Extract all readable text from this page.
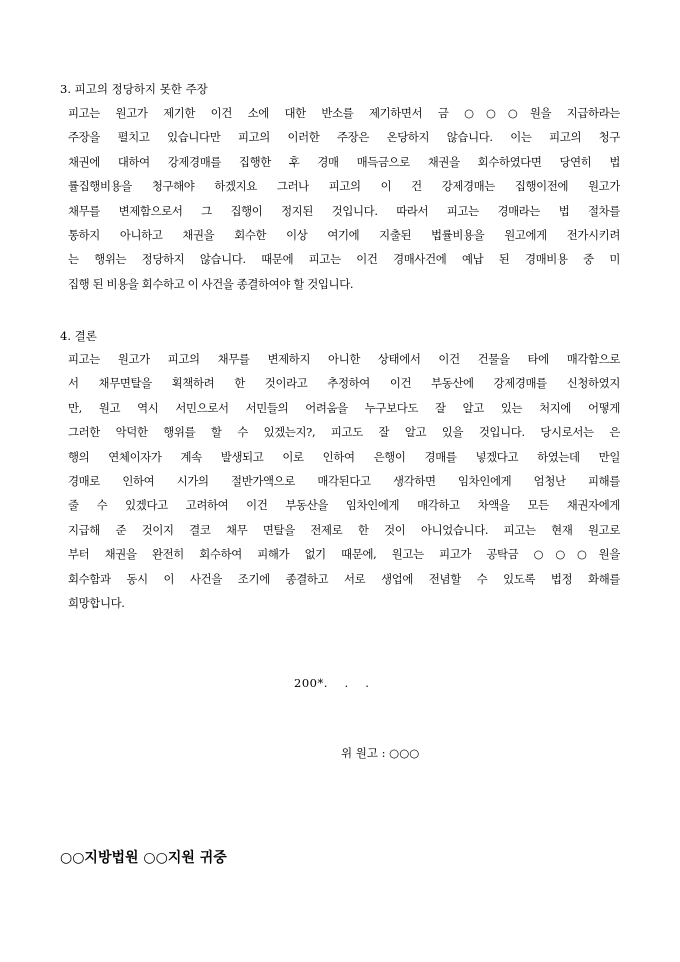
3. 피고의 정당하지 못한 주장
피고는 원고가 제기한 이건 소에 대한 반소를 제기하면서 금 ○○○원을 지급하라는
주장을 펼치고 있습니다만 피고의 이러한 주장은 온당하지 않습니다. 이는 피고의 청구
채권에 대하여 강제경매를 집행한 후 경매 매득금으로 채권을 회수하였다면 당연히 법
률집행비용을 청구해야 하겠지요 그러나 피고의 이 건 강제경매는 집행이전에 원고가
채무를 변제함으로서 그 집행이 정지된 것입니다. 따라서 피고는 경매라는 법 절차를
통하지 아니하고 채권을 회수한 이상 여기에 지출된 법률비용을 원고에게 전가시키려
는 행위는 정당하지 않습니다. 때문에 피고는 이건 경매사건에 예납 된 경매비용 중 미
집행 된 비용을 회수하고 이 사건을 종결하여야 할 것입니다.
4. 결론
피고는 원고가 피고의 채무를 변제하지 아니한 상태에서 이건 건물을 타에 매각함으로
서 채무면탈을 획책하려 한 것이라고 추정하여 이건 부동산에 강제경매를 신청하였지
만, 원고 역시 서민으로서 서민들의 어려움을 누구보다도 잘 알고 있는 처지에 어떻게
그러한 악덕한 행위를 할 수 있겠는지?, 피고도 잘 알고 있을 것입니다. 당시로서는 은
행의 연체이자가 계속 발생되고 이로 인하여 은행이 경매를 넣겠다고 하였는데 만일
경매로 인하여 시가의 절반가액으로 매각된다고 생각하면 임차인에게 엄청난 피해를
줄 수 있겠다고 고려하여 이건 부동산을 임차인에게 매각하고 차액을 모든 채권자에게
지급해 준 것이지 결코 채무 면탈을 전제로 한 것이 아니었습니다. 피고는 현재 원고로
부터 채권을 완전히 회수하여 피해가 없기 때문에, 원고는 피고가 공탁금 ○○○원을
회수함과 동시 이 사건을 조기에 종결하고 서로 생업에 전념할 수 있도록 법정 화해를
희망합니다.
200*.    .    .
위 원고 : ○○○
○○지방법원 ○○지원 귀중
